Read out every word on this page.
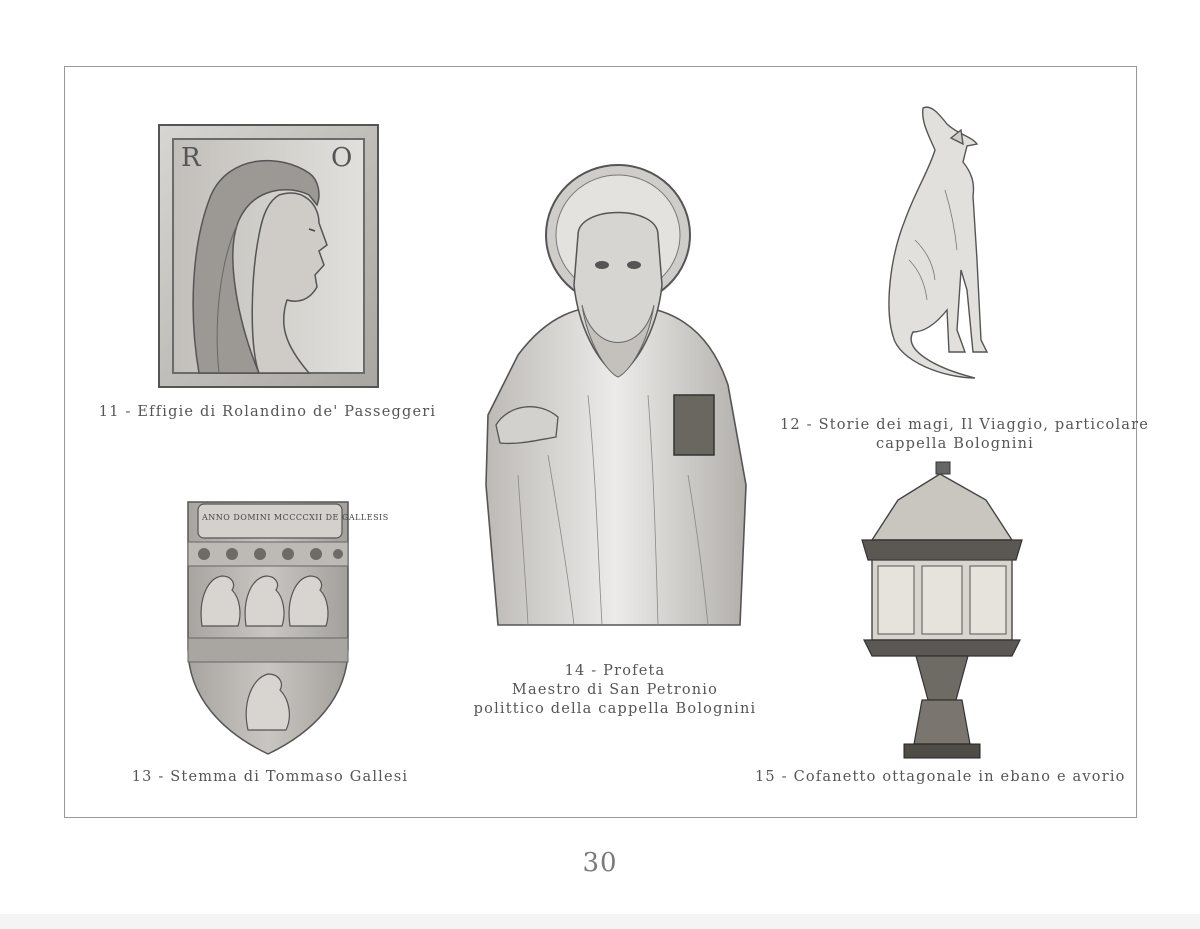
R	O
11 - Effigie di Rolandino de' Passeggeri
12 - Storie dei magi, Il Viaggio, particolare
cappella Bolognini
ANNO DOMINI MCCCCXII DE GALLESIS
13 - Stemma di Tommaso Gallesi
14 - Profeta
Maestro di San Petronio
polittico della cappella Bolognini
15 - Cofanetto ottagonale in ebano e avorio
30
